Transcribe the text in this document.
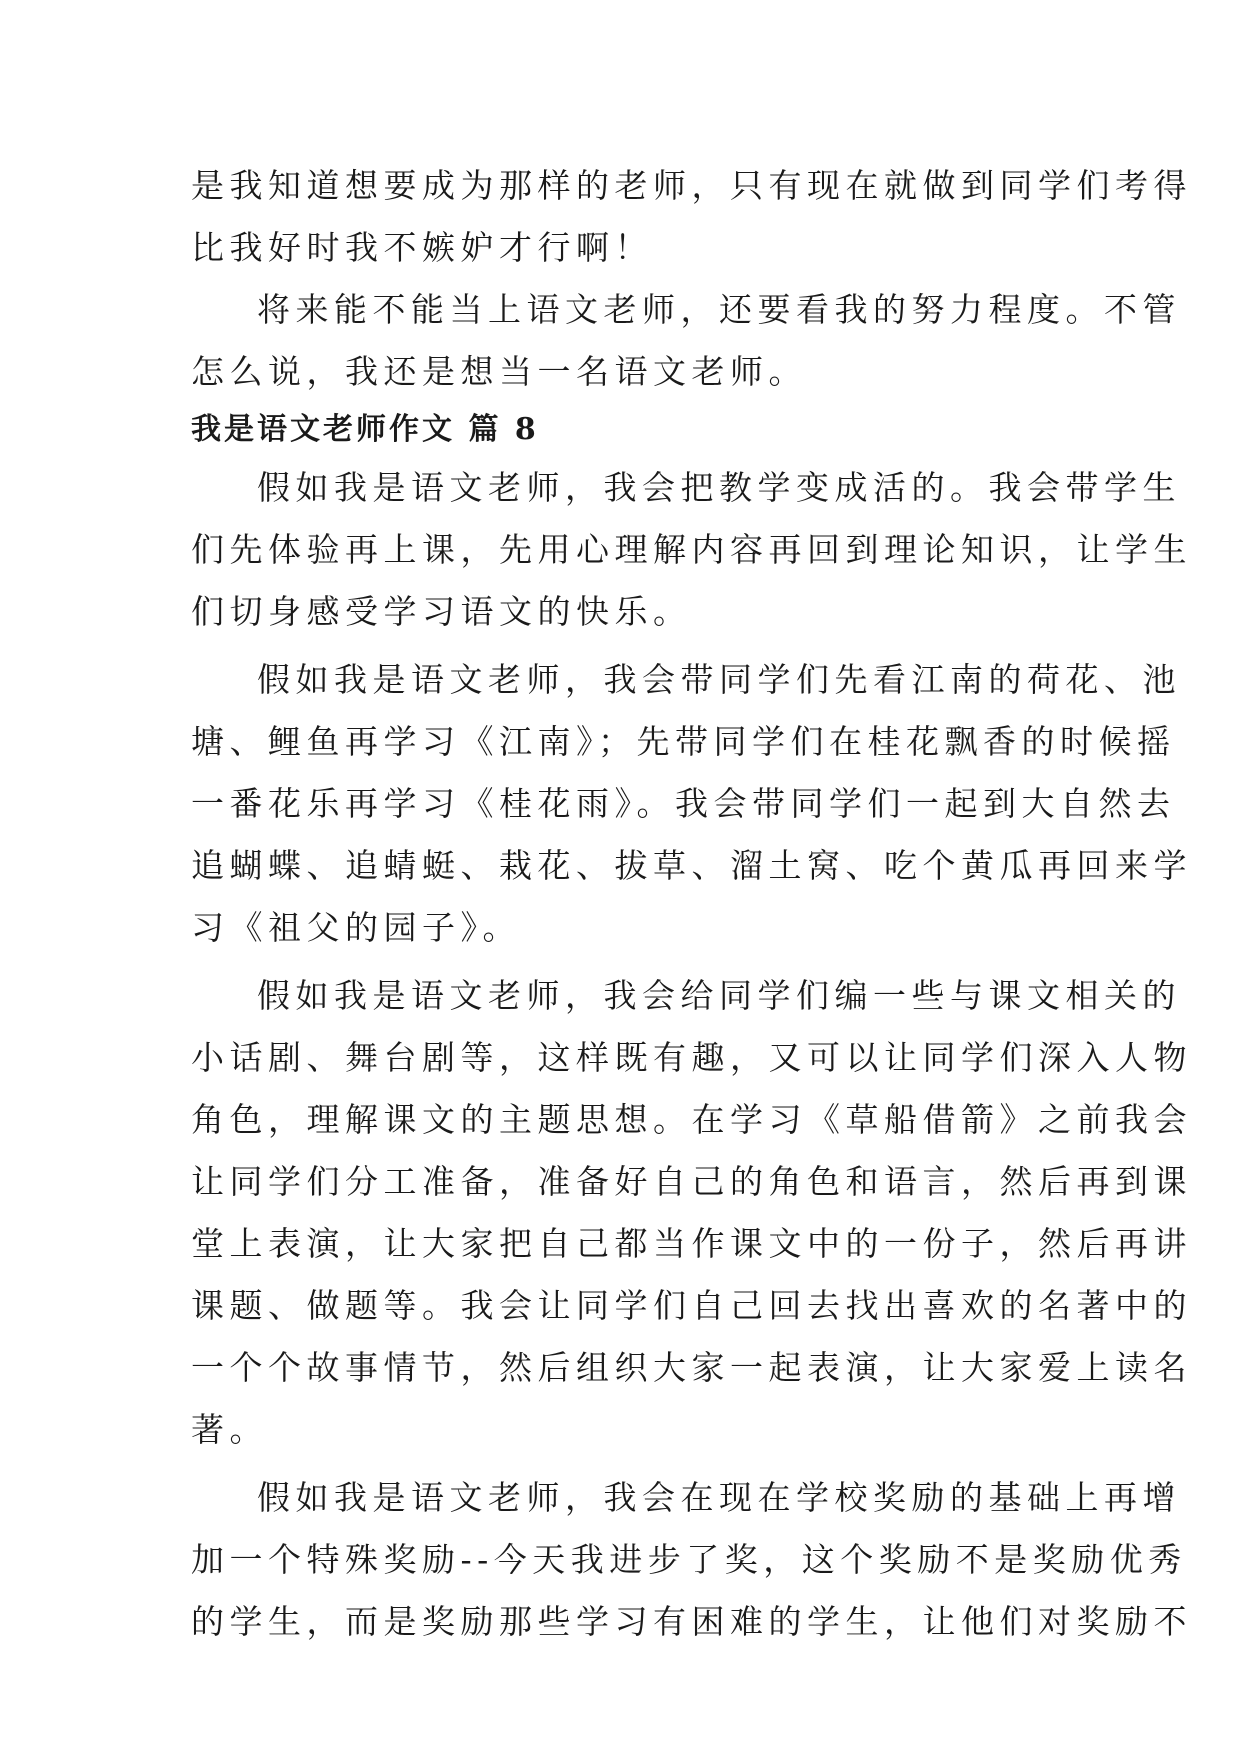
是我知道想要成为那样的老师，只有现在就做到同学们考得

比我好时我不嫉妒才行啊！

将来能不能当上语文老师，还要看我的努力程度。不管

怎么说，我还是想当一名语文老师。

我是语文老师作文 篇 8

假如我是语文老师，我会把教学变成活的。我会带学生

们先体验再上课，先用心理解内容再回到理论知识，让学生

们切身感受学习语文的快乐。

假如我是语文老师，我会带同学们先看江南的荷花、池

塘、鲤鱼再学习《江南》；先带同学们在桂花飘香的时候摇

一番花乐再学习《桂花雨》。我会带同学们一起到大自然去

追蝴蝶、追蜻蜓、栽花、拔草、溜土窝、吃个黄瓜再回来学

习《祖父的园子》。

假如我是语文老师，我会给同学们编一些与课文相关的

小话剧、舞台剧等，这样既有趣，又可以让同学们深入人物

角色，理解课文的主题思想。在学习《草船借箭》之前我会

让同学们分工准备，准备好自己的角色和语言，然后再到课

堂上表演，让大家把自己都当作课文中的一份子，然后再讲

课题、做题等。我会让同学们自己回去找出喜欢的名著中的

一个个故事情节，然后组织大家一起表演，让大家爱上读名

著。

假如我是语文老师，我会在现在学校奖励的基础上再增

加一个特殊奖励--今天我进步了奖，这个奖励不是奖励优秀

的学生，而是奖励那些学习有困难的学生，让他们对奖励不
